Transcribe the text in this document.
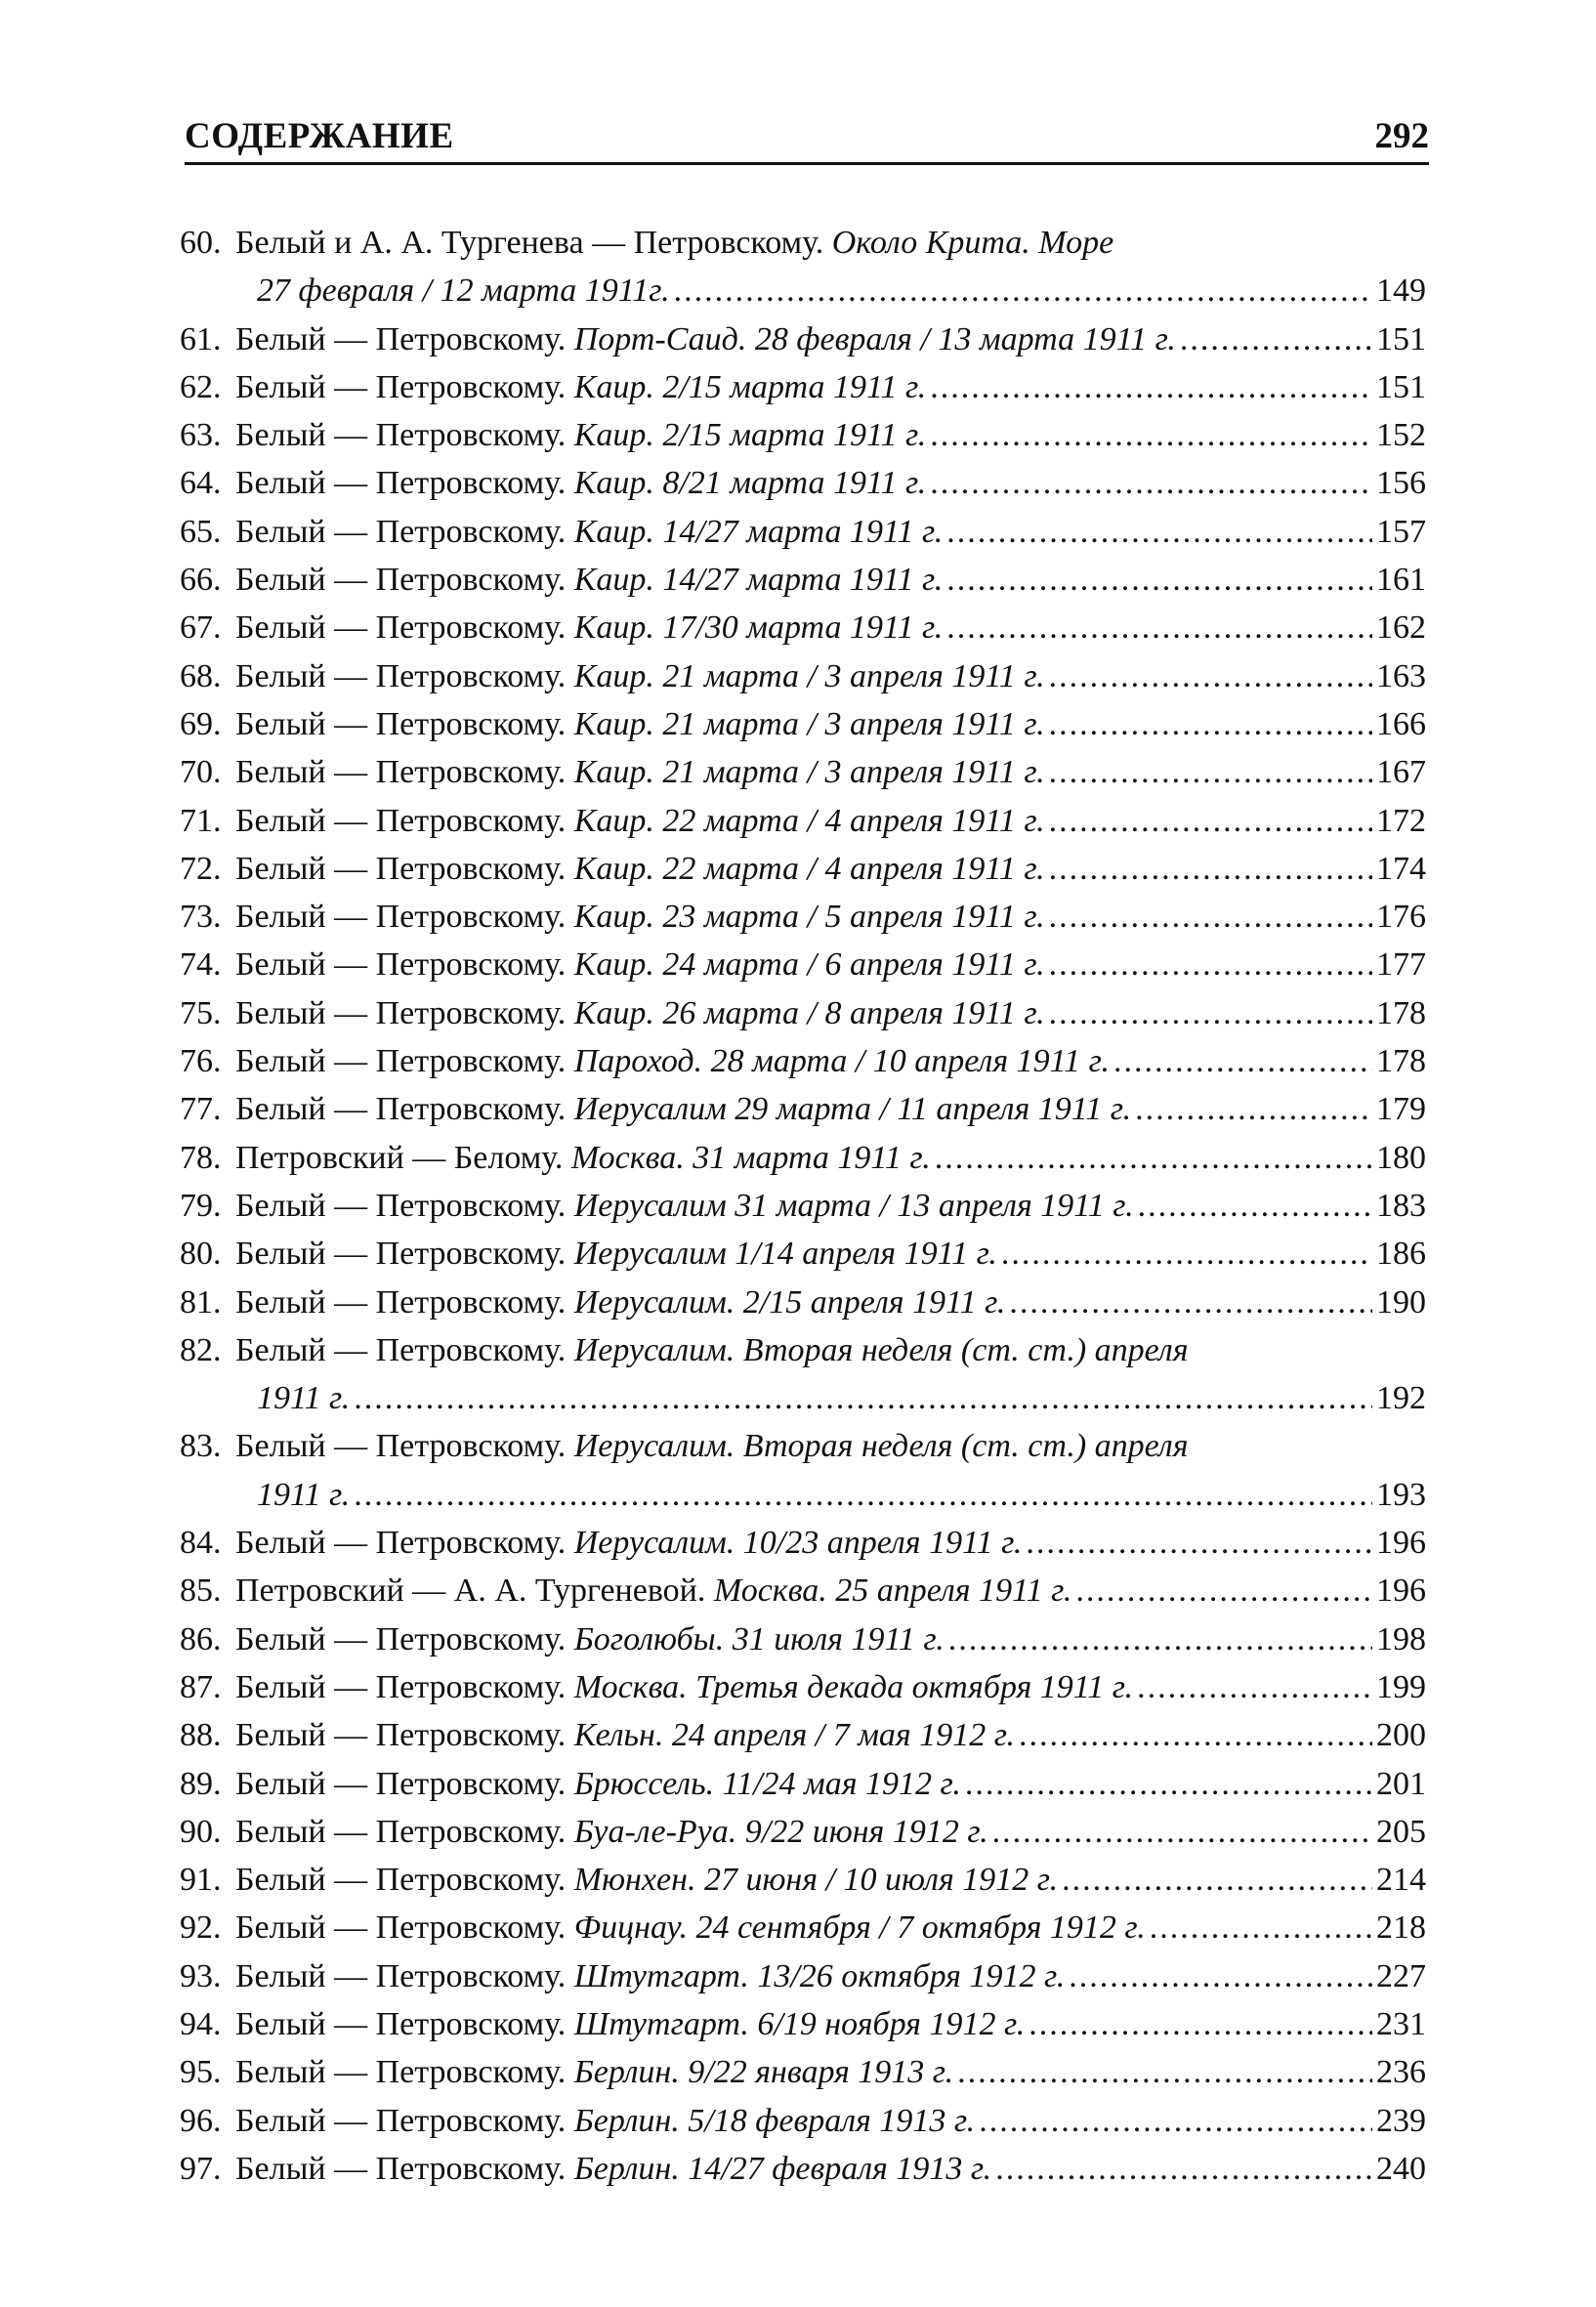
СОДЕРЖАНИЕ	292
60. Белый и А. А. Тургенева — Петровскому. Около Крита. Море
27 февраля / 12 марта 1911г. .....	149
61. Белый — Петровскому. Порт-Саид. 28 февраля / 13 марта 1911 г. .....	151
62. Белый — Петровскому. Каир. 2/15 марта 1911 г. .....	151
63. Белый — Петровскому. Каир. 2/15 марта 1911 г. .....	152
64. Белый — Петровскому. Каир. 8/21 марта 1911 г. .....	156
65. Белый — Петровскому. Каир. 14/27 марта 1911 г. .....	157
66. Белый — Петровскому. Каир. 14/27 марта 1911 г. .....	161
67. Белый — Петровскому. Каир. 17/30 марта 1911 г. .....	162
68. Белый — Петровскому. Каир. 21 марта / 3 апреля 1911 г. .....	163
69. Белый — Петровскому. Каир. 21 марта / 3 апреля 1911 г. .....	166
70. Белый — Петровскому. Каир. 21 марта / 3 апреля 1911 г. .....	167
71. Белый — Петровскому. Каир. 22 марта / 4 апреля 1911 г. .....	172
72. Белый — Петровскому. Каир. 22 марта / 4 апреля 1911 г. .....	174
73. Белый — Петровскому. Каир. 23 марта / 5 апреля 1911 г. .....	176
74. Белый — Петровскому. Каир. 24 марта / 6 апреля 1911 г. .....	177
75. Белый — Петровскому. Каир. 26 марта / 8 апреля 1911 г. .....	178
76. Белый — Петровскому. Пароход. 28 марта / 10 апреля 1911 г. .....	178
77. Белый — Петровскому. Иерусалим 29 марта / 11 апреля 1911 г. .....	179
78. Петровский — Белому. Москва. 31 марта 1911 г. .....	180
79. Белый — Петровскому. Иерусалим 31 марта / 13 апреля 1911 г. .....	183
80. Белый — Петровскому. Иерусалим 1/14 апреля 1911 г. .....	186
81. Белый — Петровскому. Иерусалим. 2/15 апреля 1911 г. .....	190
82. Белый — Петровскому. Иерусалим. Вторая неделя (ст. ст.) апреля
1911 г. .....	192
83. Белый — Петровскому. Иерусалим. Вторая неделя (ст. ст.) апреля
1911 г. .....	193
84. Белый — Петровскому. Иерусалим. 10/23 апреля 1911 г. .....	196
85. Петровский — А. А. Тургеневой. Москва. 25 апреля 1911 г. .....	196
86. Белый — Петровскому. Боголюбы. 31 июля 1911 г. .....	198
87. Белый — Петровскому. Москва. Третья декада октября 1911 г. .....	199
88. Белый — Петровскому. Кельн. 24 апреля / 7 мая 1912 г. .....	200
89. Белый — Петровскому. Брюссель. 11/24 мая 1912 г. .....	201
90. Белый — Петровскому. Буа-ле-Руа. 9/22 июня 1912 г. .....	205
91. Белый — Петровскому. Мюнхен. 27 июня / 10 июля 1912 г. .....	214
92. Белый — Петровскому. Фицнау. 24 сентября / 7 октября 1912 г. .....	218
93. Белый — Петровскому. Штутгарт. 13/26 октября 1912 г. .....	227
94. Белый — Петровскому. Штутгарт. 6/19 ноября 1912 г. .....	231
95. Белый — Петровскому. Берлин. 9/22 января 1913 г. .....	236
96. Белый — Петровскому. Берлин. 5/18 февраля 1913 г. .....	239
97. Белый — Петровскому. Берлин. 14/27 февраля 1913 г. .....	240
